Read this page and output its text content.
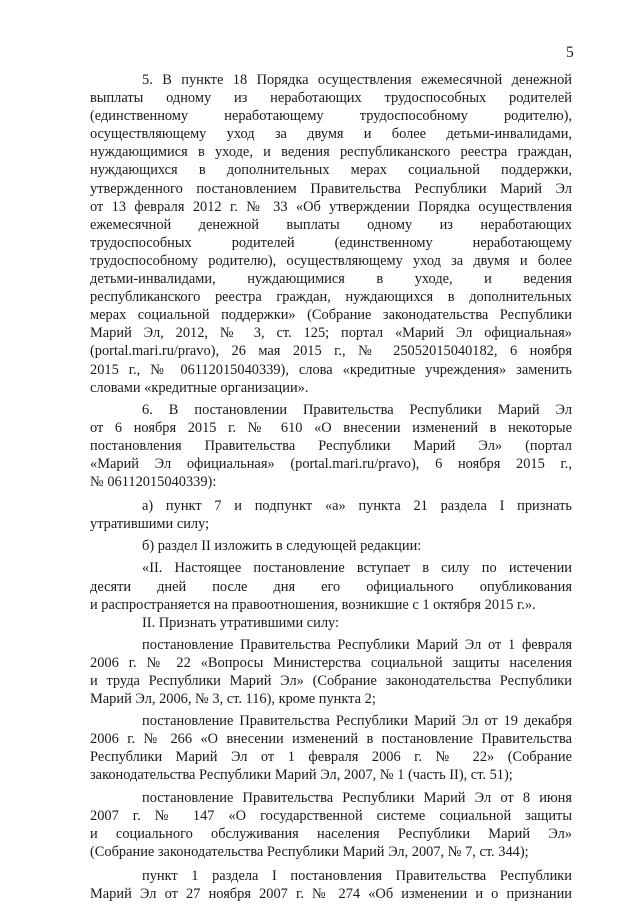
5
5. В пункте 18 Порядка осуществления ежемесячной денежной
выплаты одному из неработающих трудоспособных родителей
(единственному неработающему трудоспособному родителю),
осуществляющему уход за двумя и более детьми-инвалидами,
нуждающимися в уходе, и ведения республиканского реестра граждан,
нуждающихся в дополнительных мерах социальной поддержки,
утвержденного постановлением Правительства Республики Марий Эл
от 13 февраля 2012 г. № 33 «Об утверждении Порядка осуществления
ежемесячной денежной выплаты одному из неработающих
трудоспособных родителей (единственному неработающему
трудоспособному родителю), осуществляющему уход за двумя и более
детьми-инвалидами, нуждающимися в уходе, и ведения
республиканского реестра граждан, нуждающихся в дополнительных
мерах социальной поддержки» (Собрание законодательства Республики
Марий Эл, 2012, № 3, ст. 125; портал «Марий Эл официальная»
(portal.mari.ru/pravo), 26 мая 2015 г., № 25052015040182, 6 ноября
2015 г., № 06112015040339), слова «кредитные учреждения» заменить
словами «кредитные организации».
6. В постановлении Правительства Республики Марий Эл
от 6 ноября 2015 г. № 610 «О внесении изменений в некоторые
постановления Правительства Республики Марий Эл» (портал
«Марий Эл официальная» (portal.mari.ru/pravo), 6 ноября 2015 г.,
№ 06112015040339):
а) пункт 7 и подпункт «а» пункта 21 раздела I признать
утратившими силу;
б) раздел II изложить в следующей редакции:
«II. Настоящее постановление вступает в силу по истечении
десяти дней после дня его официального опубликования
и распространяется на правоотношения, возникшие с 1 октября 2015 г.».
II. Признать утратившими силу:
постановление Правительства Республики Марий Эл от 1 февраля
2006 г. № 22 «Вопросы Министерства социальной защиты населения
и труда Республики Марий Эл» (Собрание законодательства Республики
Марий Эл, 2006, № 3, ст. 116), кроме пункта 2;
постановление Правительства Республики Марий Эл от 19 декабря
2006 г. № 266 «О внесении изменений в постановление Правительства
Республики Марий Эл от 1 февраля 2006 г. № 22» (Собрание
законодательства Республики Марий Эл, 2007, № 1 (часть II), ст. 51);
постановление Правительства Республики Марий Эл от 8 июня
2007 г. № 147 «О государственной системе социальной защиты
и социального обслуживания населения Республики Марий Эл»
(Собрание законодательства Республики Марий Эл, 2007, № 7, ст. 344);
пункт 1 раздела I постановления Правительства Республики
Марий Эл от 27 ноября 2007 г. № 274 «Об изменении и о признании
